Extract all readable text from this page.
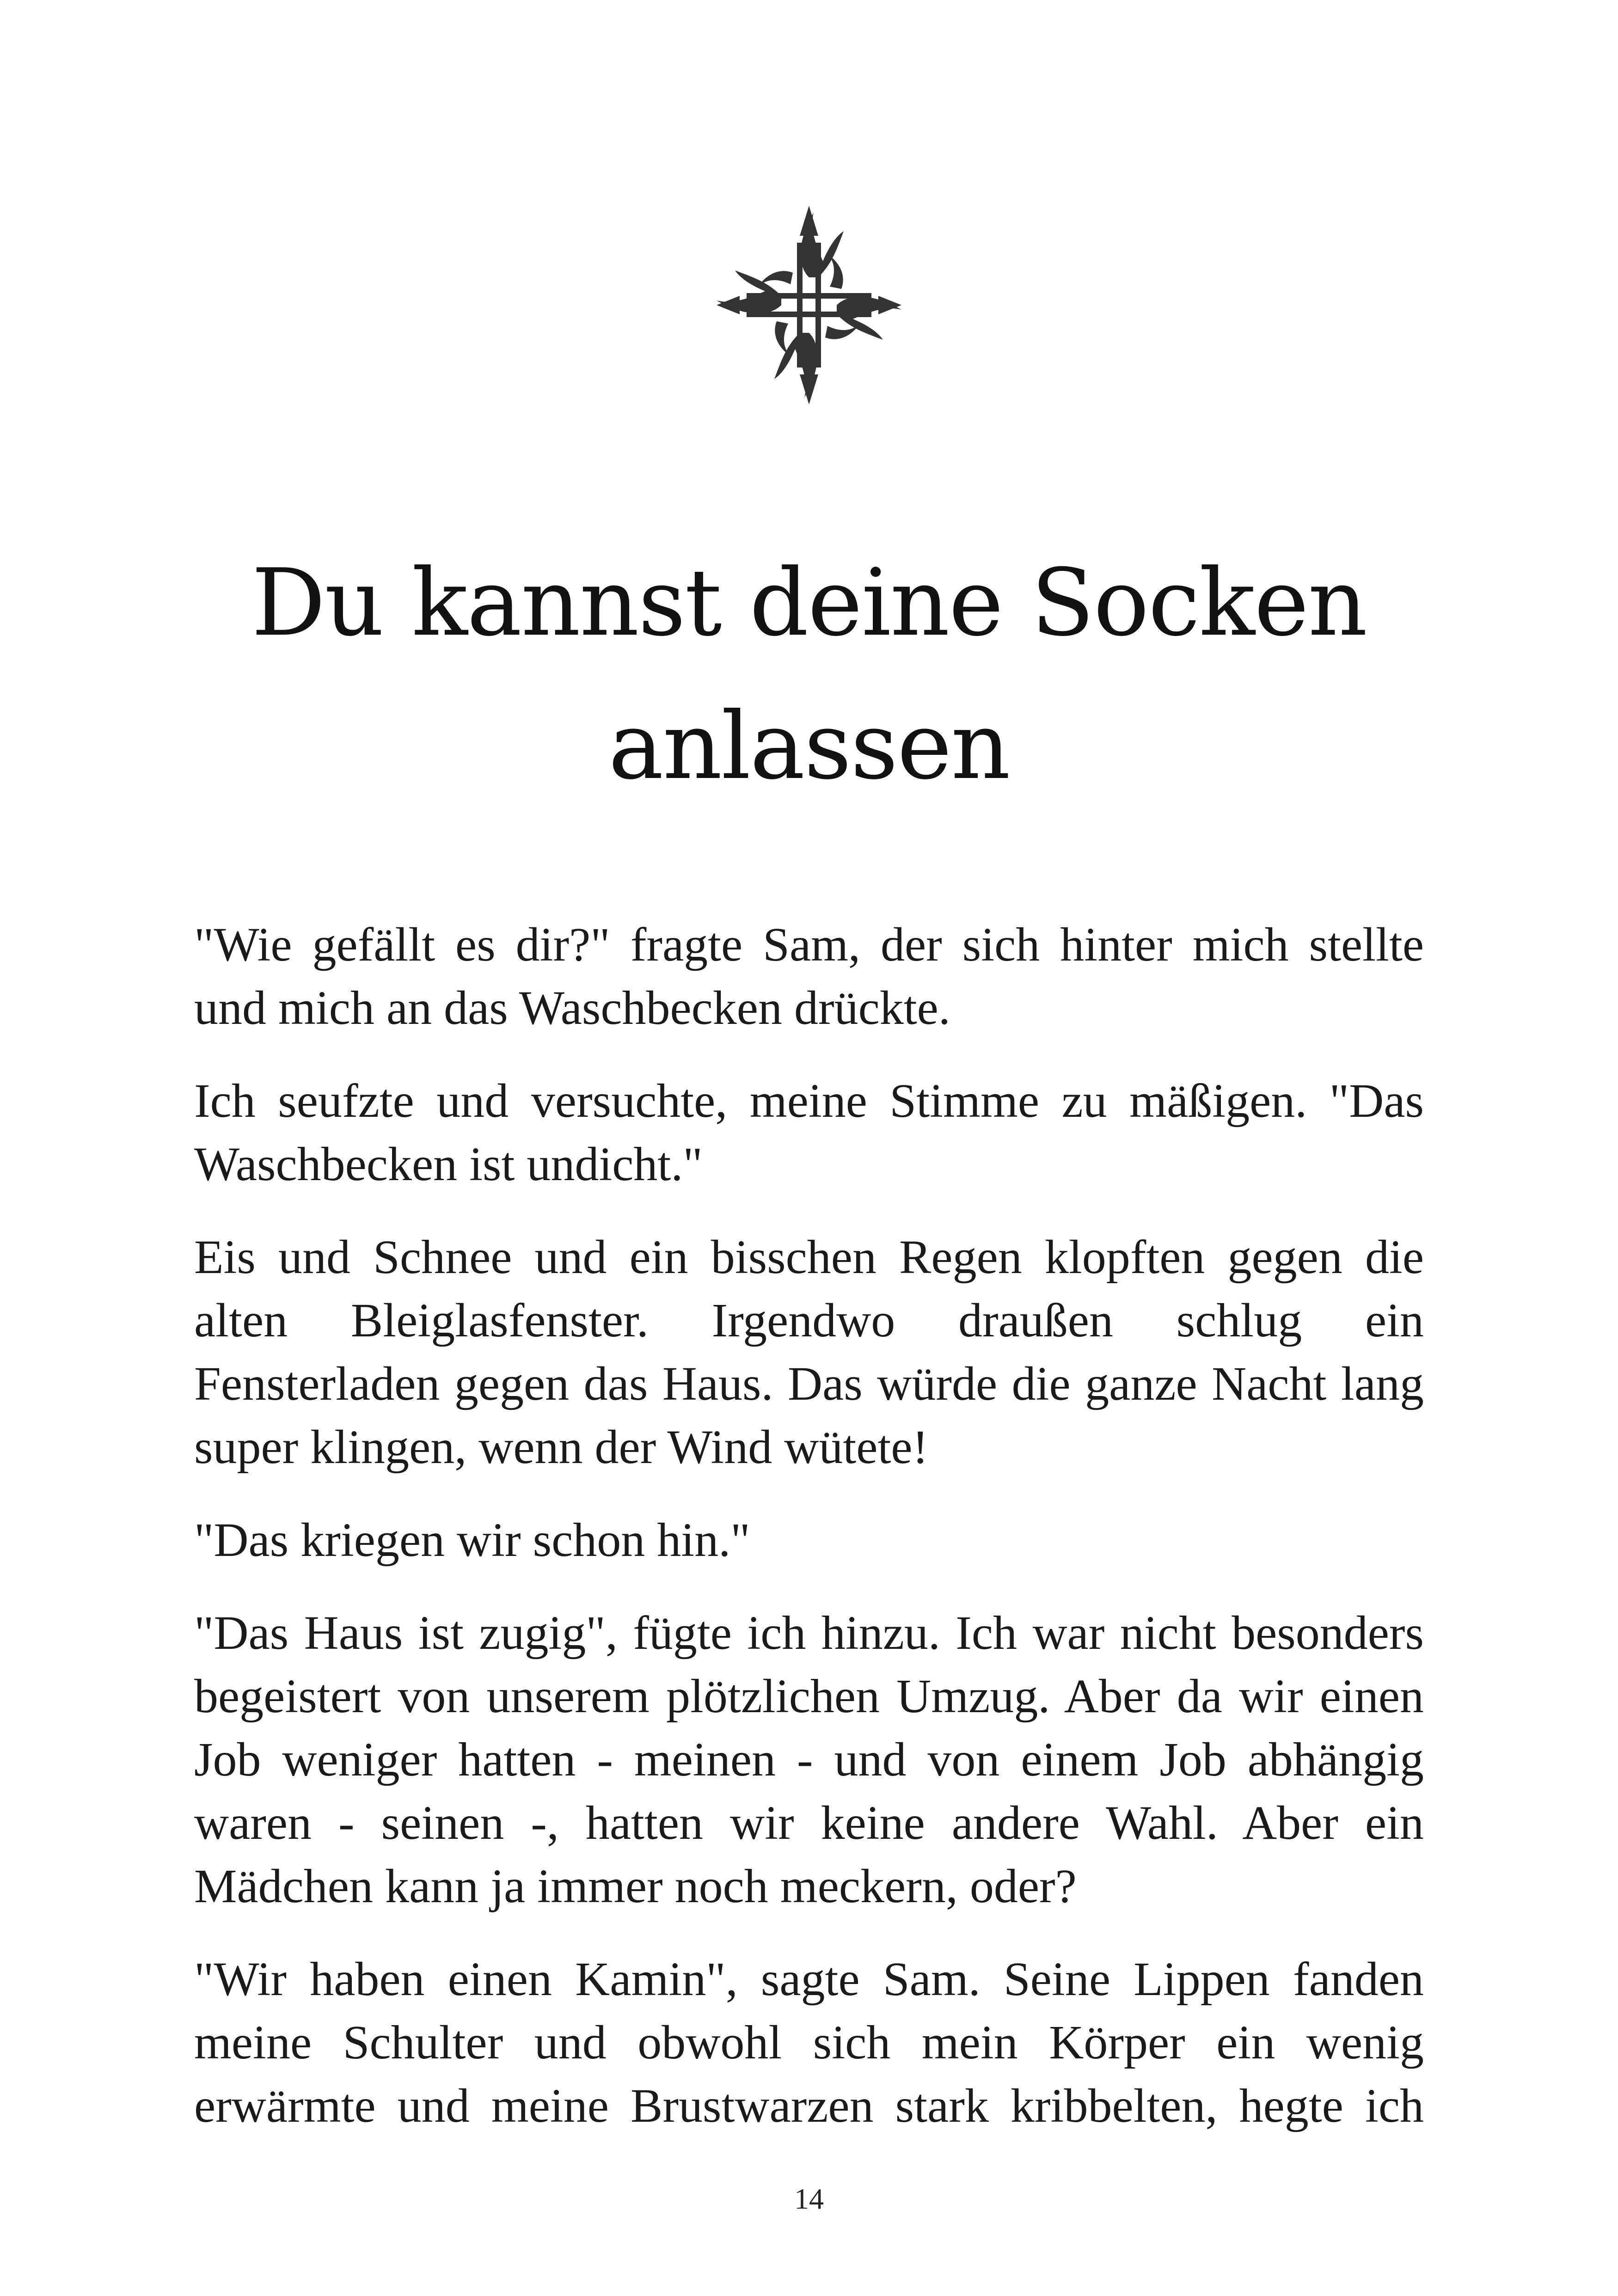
Du kannst deine Socken anlassen

"Wie gefällt es dir?" fragte Sam, der sich hinter mich stellte und mich an das Waschbecken drückte.

Ich seufzte und versuchte, meine Stimme zu mäßigen. "Das Waschbecken ist undicht."

Eis und Schnee und ein bisschen Regen klopften gegen die alten Bleiglasfenster. Irgendwo draußen schlug ein Fensterladen gegen das Haus. Das würde die ganze Nacht lang super klingen, wenn der Wind wütete!

"Das kriegen wir schon hin."

"Das Haus ist zugig", fügte ich hinzu. Ich war nicht besonders begeistert von unserem plötzlichen Umzug. Aber da wir einen Job weniger hatten - meinen - und von einem Job abhängig waren - seinen -, hatten wir keine andere Wahl. Aber ein Mädchen kann ja immer noch meckern, oder?

"Wir haben einen Kamin", sagte Sam. Seine Lippen fanden meine Schulter und obwohl sich mein Körper ein wenig erwärmte und meine Brustwarzen stark kribbelten, hegte ich

14
